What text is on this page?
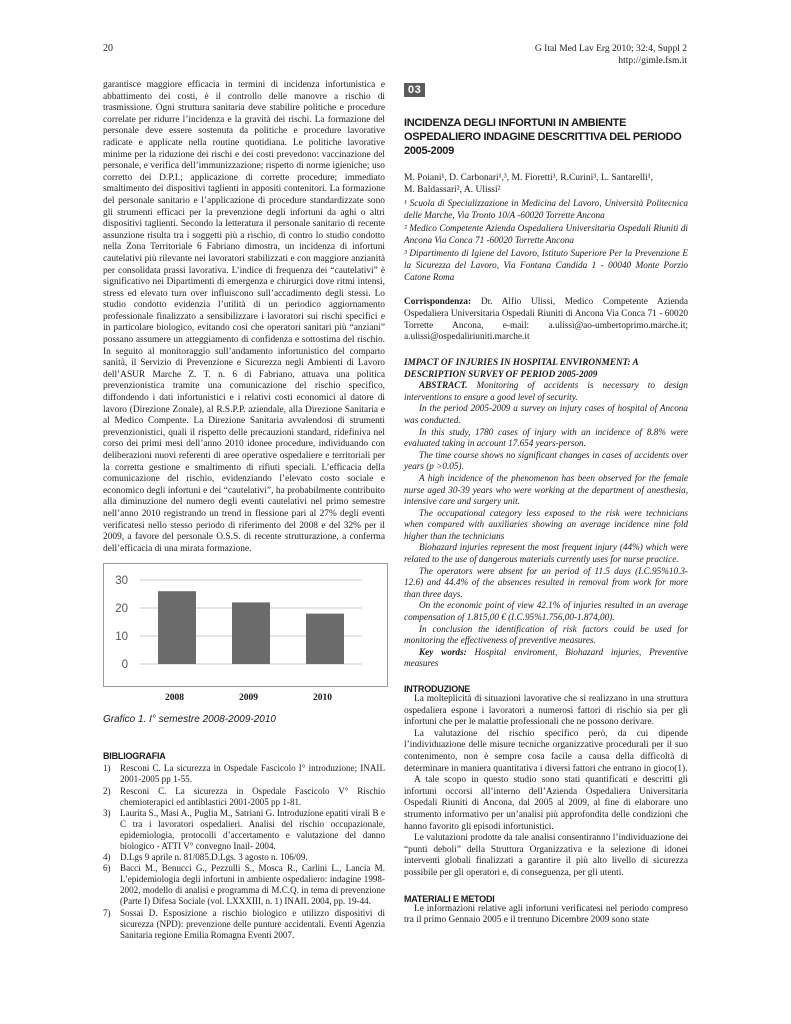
20	G Ital Med Lav Erg 2010; 32:4, Suppl 2
http://gimle.fsm.it

garantisce maggiore efficacia in termini di incidenza infortunistica e abbattimento dei costi, è il controllo delle manovre a rischio di trasmissione. Ogni struttura sanitaria deve stabilire politiche e procedure correlate per ridurre l’incidenza e la gravità dei rischi. La formazione del personale deve essere sostenuta da politiche e procedure lavorative radicate e applicate nella routine quotidiana. Le politiche lavorative minime per la riduzione dei rischi e dei costi prevedono: vaccinazione del personale, e verifica dell’immunizzazione; rispetto di norme igieniche; uso corretto dei D.P.I.; applicazione di corrette procedure; immediato smaltimento dei dispositivi taglienti in appositi contenitori. La formazione del personale sanitario e l’applicazione di procedure standardizzate sono gli strumenti efficaci per la prevenzione degli infortuni da aghi o altri dispositivi taglienti. Secondo la letteratura il personale sanitario di recente assunzione risulta tra i soggetti più a rischio, di contro lo studio condotto nella Zona Territoriale 6 Fabriano dimostra, un incidenza di infortuni cautelativi più rilevante nei lavoratori stabilizzati e con maggiore anzianità per consolidata prassi lavorativa. L’indice di frequenza dei “cautelativi” è significativo nei Dipartimenti di emergenza e chirurgici dove ritmi intensi, stress ed elevato turn over influiscono sull’accadimento degli stessi. Lo studio condotto evidenzia l’utilità di un periodico aggiornamento professionale finalizzato a sensibilizzare i lavoratori sui rischi specifici e in particolare biologico, evitando così che operatori sanitari più “anziani” possano assumere un atteggiamento di confidenza e sottostima del rischio. In seguito al monitoraggio sull’andamento infortunistico del comparto sanità, il Servizio di Prevenzione e Sicurezza negli Ambienti di Lavoro dell’ASUR Marche Z. T. n. 6 di Fabriano, attuava una politica prevenzionistica tramite una comunicazione del rischio specifico, diffondendo i dati infortunistici e i relativi costi economici al datore di lavoro (Direzione Zonale), al R.S.P.P. aziendale, alla Direzione Sanitaria e al Medico Compente. La Direzione Sanitaria avvalendosi di strumenti prevenzionistici, quali il rispetto delle precauzioni standard, ridefiniva nel corso dei primi mesi dell’anno 2010 idonee procedure, individuando con deliberazioni nuovi referenti di aree operative ospedaliere e territoriali per la corretta gestione e smaltimento di rifiuti speciali. L’efficacia della comunicazione del rischio, evidenziando l’elevato costo sociale e economico degli infortuni e dei “cautelativi”, ha probabilmente contribuito alla diminuzione del numero degli eventi cautelativi nel primo semestre nell’anno 2010 registrando un trend in flessione pari al 27% degli eventi verificatesi nello stesso periodo di riferimento del 2008 e del 32% per il 2009, a favore del personale O.S.S. di recente strutturazione, a conferma dell’efficacia di una mirata formazione.

0
10
20
30
2008	2009	2010
Grafico 1. I° semestre 2008-2009-2010
BIBLIOGRAFIA
1)	Resconi C. La sicurezza in Ospedale Fascicolo I° introduzione; INAIL 2001-2005 pp 1-55.
2)	Resconi C. La sicurezza in Ospedale Fascicolo V° Rischio chemioterapici ed antiblastici 2001-2005 pp 1-81.
3)	Laurita S., Masi A., Puglia M., Satriani G. Introduzione epatiti virali B e C tra i lavoratori ospedalieri. Analisi del rischio occupazionale, epidemiologia, protocolli d’accertamento e valutazione del danno biologico - ATTI V° convegno Inail- 2004.
4)	D.Lgs 9 aprile n. 81/085.D.Lgs. 3 agosto n. 106/09.
6)	Bacci M., Benucci G., Pezzulli S., Mosca R., Carlini L., Lancia M. L’epidemiologia degli infortuni in ambiente ospedaliero: indagine 1998-2002, modello di analisi e programma di M.C.Q. in tema di prevenzione (Parte I) Difesa Sociale (vol. LXXXIII, n. 1) INAIL 2004, pp. 19-44.
7)	Sossai D. Esposizione a rischio biologico e utilizzo dispositivi di sicurezza (NPD): prevenzione delle punture accidentali. Eventi Agenzia Sanitaria regione Emilia Romagna Eventi 2007.
03
INCIDENZA DEGLI INFORTUNI IN AMBIENTE OSPEDALIERO INDAGINE DESCRITTIVA DEL PERIODO 2005-2009
M. Poiani¹, D. Carbonari¹,³, M. Fioretti³, R.Curini³, L. Santarelli¹,
M. Baldassari², A. Ulissi²

¹ Scuola di Specializzazione in Medicina del Lavoro, Università Politecnica delle Marche, Via Tronto 10/A -60020 Torrette Ancona

² Medico Competente Azienda Ospedaliera Universitaria Ospedali Riuniti di Ancona Via Conca 71 -60020 Torrette Ancona

³ Dipartimento di Igiene del Lavoro, Istituto Superiore Per la Prevenzione E la Sicurezza del Lavoro, Via Fontana Candida 1 - 00040 Monte Porzio Catone Roma

Corrispondenza: Dr. Alfio Ulissi, Medico Competente Azienda Ospedaliera Universitaria Ospedali Riuniti di Ancona Via Conca 71 - 60020 Torrette Ancona, e-mail: a.ulissi@ao-umbertoprimo.marche.it; a.ulissi@ospedaliriuniti.marche.it

IMPACT OF INJURIES IN HOSPITAL ENVIRONMENT: A DESCRIPTION SURVEY OF PERIOD 2005-2009

ABSTRACT. Monitoring of accidents is necessary to design interventions to ensure a good level of security.

In the period 2005-2009 a survey on injury cases of hospital of Ancona was conducted.

In this study, 1780 cases of injury with an incidence of 8.8% were evaluated taking in account 17.654 years-person.

The time course shows no significant changes in cases of accidents over years (p >0.05).

A high incidence of the phenomenon has been observed for the female nurse aged 30-39 years who were working at the department of anesthesia, intensive care and surgery unit.

The occupational category less exposed to the risk were technicians when compared with auxiliaries showing an average incidence nine fold higher than the technicians

Biohazard injuries represent the most frequent injury (44%) which were related to the use of dangerous materials currently uses for nurse practice.

The operators were absent for an period of 11.5 days (I.C.95%10.3-12.6) and 44.4% of the absences resulted in removal from work for more than three days.

On the economic point of view 42.1% of injuries resulted in an average compensation of 1.815,00 € (I.C.95%1.756,00-1.874,00).

In conclusion the identification of risk factors could be used for monitoring the effectiveness of preventive measures.

Key words: Hospital enviroment, Biohazard injuries, Preventive measures

INTRODUZIONE

La molteplicità di situazioni lavorative che si realizzano in una struttura ospedaliera espone i lavoratori a numerosi fattori di rischio sia per gli infortuni che per le malattie professionali che ne possono derivare.

La valutazione del rischio specifico però, da cui dipende l’individuazione delle misure tecniche organizzative procedurali per il suo contenimento, non è sempre cosa facile a causa della difficoltà di determinare in maniera quantitativa i diversi fattori che entrano in gioco(1).

A tale scopo in questo studio sono stati quantificati e descritti gli infortuni occorsi all’interno dell’Azienda Ospedaliera Universitaria Ospedali Riuniti di Ancona, dal 2005 al 2009, al fine di elaborare uno strumento informativo per un’analisi più approfondita delle condizioni che hanno favorito gli episodi infortunistici.

Le valutazioni prodotte da tale analisi consentiranno l’individuazione dei “punti deboli” della Struttura Organizzativa e la selezione di idonei interventi globali finalizzati a garantire il più alto livello di sicurezza possibile per gli operatori e, di conseguenza, per gli utenti.

MATERIALI E METODI

Le informazioni relative agli infortuni verificatesi nel periodo compreso tra il primo Gennaio 2005 e il trentuno Dicembre 2009 sono state
